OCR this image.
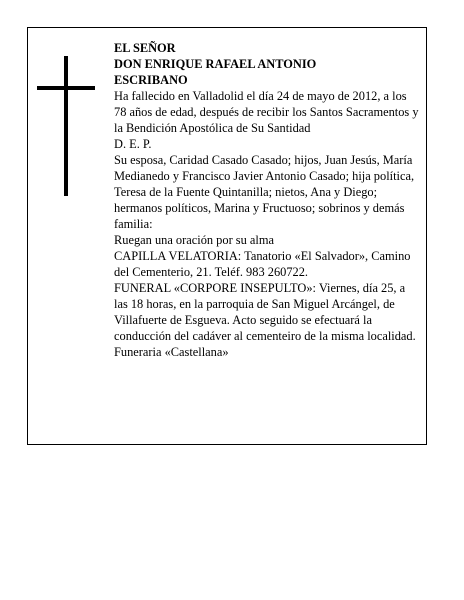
EL SEÑOR

DON ENRIQUE RAFAEL ANTONIO

ESCRIBANO

Ha fallecido en Valladolid el día 24 de mayo de 2012, a los 78 años de edad, después de recibir los Santos Sacramentos y la Bendición Apostólica de Su Santidad

D. E. P.

Su esposa, Caridad Casado Casado; hijos, Juan Jesús, María Medianedo y Francisco Javier Antonio Casado; hija política, Teresa de la Fuente Quintanilla; nietos, Ana y Diego; hermanos políticos, Marina y Fructuoso; sobrinos y demás familia:

Ruegan una oración por su alma

CAPILLA VELATORIA: Tanatorio «El Salvador», Camino del Cementerio, 21. Teléf. 983 260722.

FUNERAL «CORPORE INSEPULTO»: Viernes, día 25, a las 18 horas, en la parroquia de San Miguel Arcángel, de Villafuerte de Esgueva. Acto seguido se efectuará la conducción del cadáver al cementeiro de la misma localidad.

Funeraria «Castellana»
